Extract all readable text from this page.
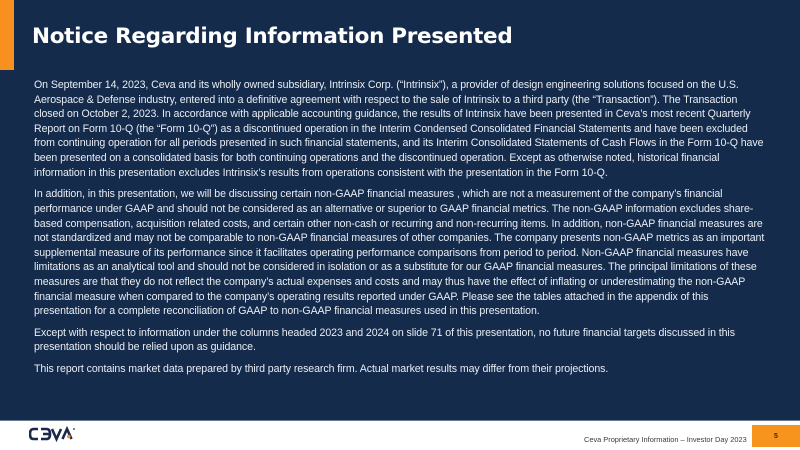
Notice Regarding Information Presented

On September 14, 2023, Ceva and its wholly owned subsidiary, Intrinsix Corp. (“Intrinsix”), a provider of design engineering solutions focused on the U.S. Aerospace & Defense industry, entered into a definitive agreement with respect to the sale of Intrinsix to a third party (the “Transaction”). The Transaction closed on October 2, 2023. In accordance with applicable accounting guidance, the results of Intrinsix have been presented in Ceva’s most recent Quarterly Report on Form 10-Q (the “Form 10-Q”) as a discontinued operation in the Interim Condensed Consolidated Financial Statements and have been excluded from continuing operation for all periods presented in such financial statements, and its Interim Consolidated Statements of Cash Flows in the Form 10-Q have been presented on a consolidated basis for both continuing operations and the discontinued operation. Except as otherwise noted, historical financial information in this presentation excludes Intrinsix’s results from operations consistent with the presentation in the Form 10-Q.

In addition, in this presentation, we will be discussing certain non-GAAP financial measures , which are not a measurement of the company’s financial performance under GAAP and should not be considered as an alternative or superior to GAAP financial metrics. The non-GAAP information excludes share-based compensation, acquisition related costs, and certain other non-cash or recurring and non-recurring items. In addition, non-GAAP financial measures are not standardized and may not be comparable to non-GAAP financial measures of other companies. The company presents non-GAAP metrics as an important supplemental measure of its performance since it facilitates operating performance comparisons from period to period. Non-GAAP financial measures have limitations as an analytical tool and should not be considered in isolation or as a substitute for our GAAP financial measures. The principal limitations of these measures are that they do not reflect the company’s actual expenses and costs and may thus have the effect of inflating or underestimating the non-GAAP financial measure when compared to the company’s operating results reported under GAAP. Please see the tables attached in the appendix of this presentation for a complete reconciliation of GAAP to non-GAAP financial measures used in this presentation.

Except with respect to information under the columns headed 2023 and 2024 on slide 71 of this presentation, no future financial targets discussed in this presentation should be relied upon as guidance.

This report contains market data prepared by third party research firm. Actual market results may differ from their projections.

Ceva Proprietary Information – Investor Day 2023	5
